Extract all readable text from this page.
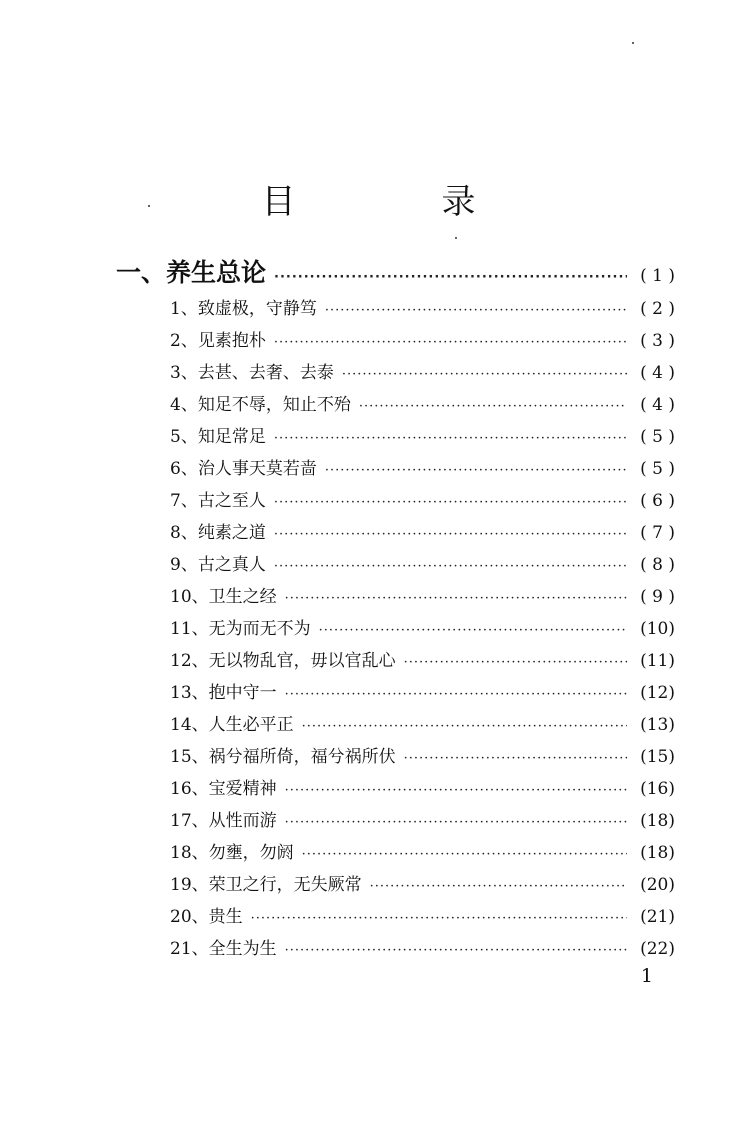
目　录
一、养生总论 ·····	( 1 )
1、致虚极，守静笃 ·····	( 2 )
2、见素抱朴 ·····	( 3 )
3、去甚、去奢、去泰 ·····	( 4 )
4、知足不辱，知止不殆 ·····	( 4 )
5、知足常足 ·····	( 5 )
6、治人事天莫若啬 ·····	( 5 )
7、古之至人 ·····	( 6 )
8、纯素之道 ·····	( 7 )
9、古之真人 ·····	( 8 )
10、卫生之经 ·····	( 9 )
11、无为而无不为 ·····	(10)
12、无以物乱官，毋以官乱心 ·····	(11)
13、抱中守一 ·····	(12)
14、人生必平正 ·····	(13)
15、祸兮福所倚，福兮祸所伏 ·····	(15)
16、宝爱精神 ·····	(16)
17、从性而游 ·····	(18)
18、勿壅，勿阏 ·····	(18)
19、荣卫之行，无失厥常 ·····	(20)
20、贵生 ·····	(21)
21、全生为生 ·····	(22)
1
